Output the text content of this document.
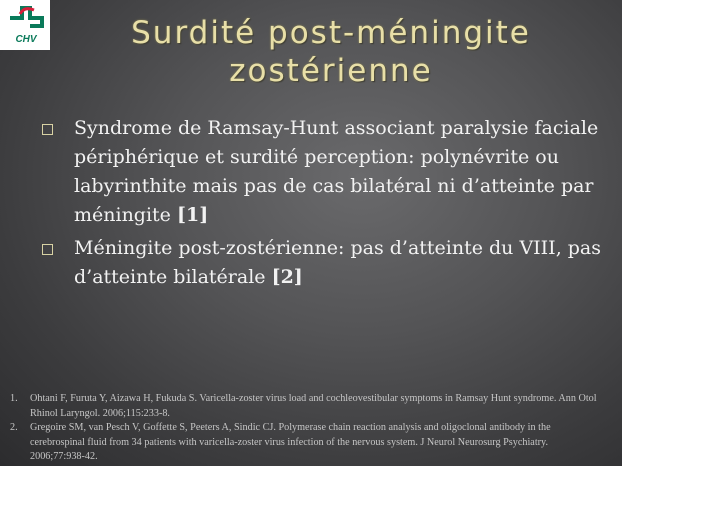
CHV	Surdité post-méningite
zostérienne
Syndrome de Ramsay-Hunt associant paralysie faciale périphérique et surdité perception: polynévrite ou labyrinthite mais pas de cas bilatéral ni d’atteinte par méningite [1]
Méningite post-zostérienne: pas d’atteinte du VIII, pas d’atteinte bilatérale [2]
1. Ohtani F, Furuta Y, Aizawa H, Fukuda S. Varicella-zoster virus load and cochleovestibular symptoms in Ramsay Hunt syndrome. Ann Otol Rhinol Laryngol. 2006;115:233-8.
2. Gregoire SM, van Pesch V, Goffette S, Peeters A, Sindic CJ. Polymerase chain reaction analysis and oligoclonal antibody in the cerebrospinal fluid from 34 patients with varicella-zoster virus infection of the nervous system. J Neurol Neurosurg Psychiatry. 2006;77:938-42.
